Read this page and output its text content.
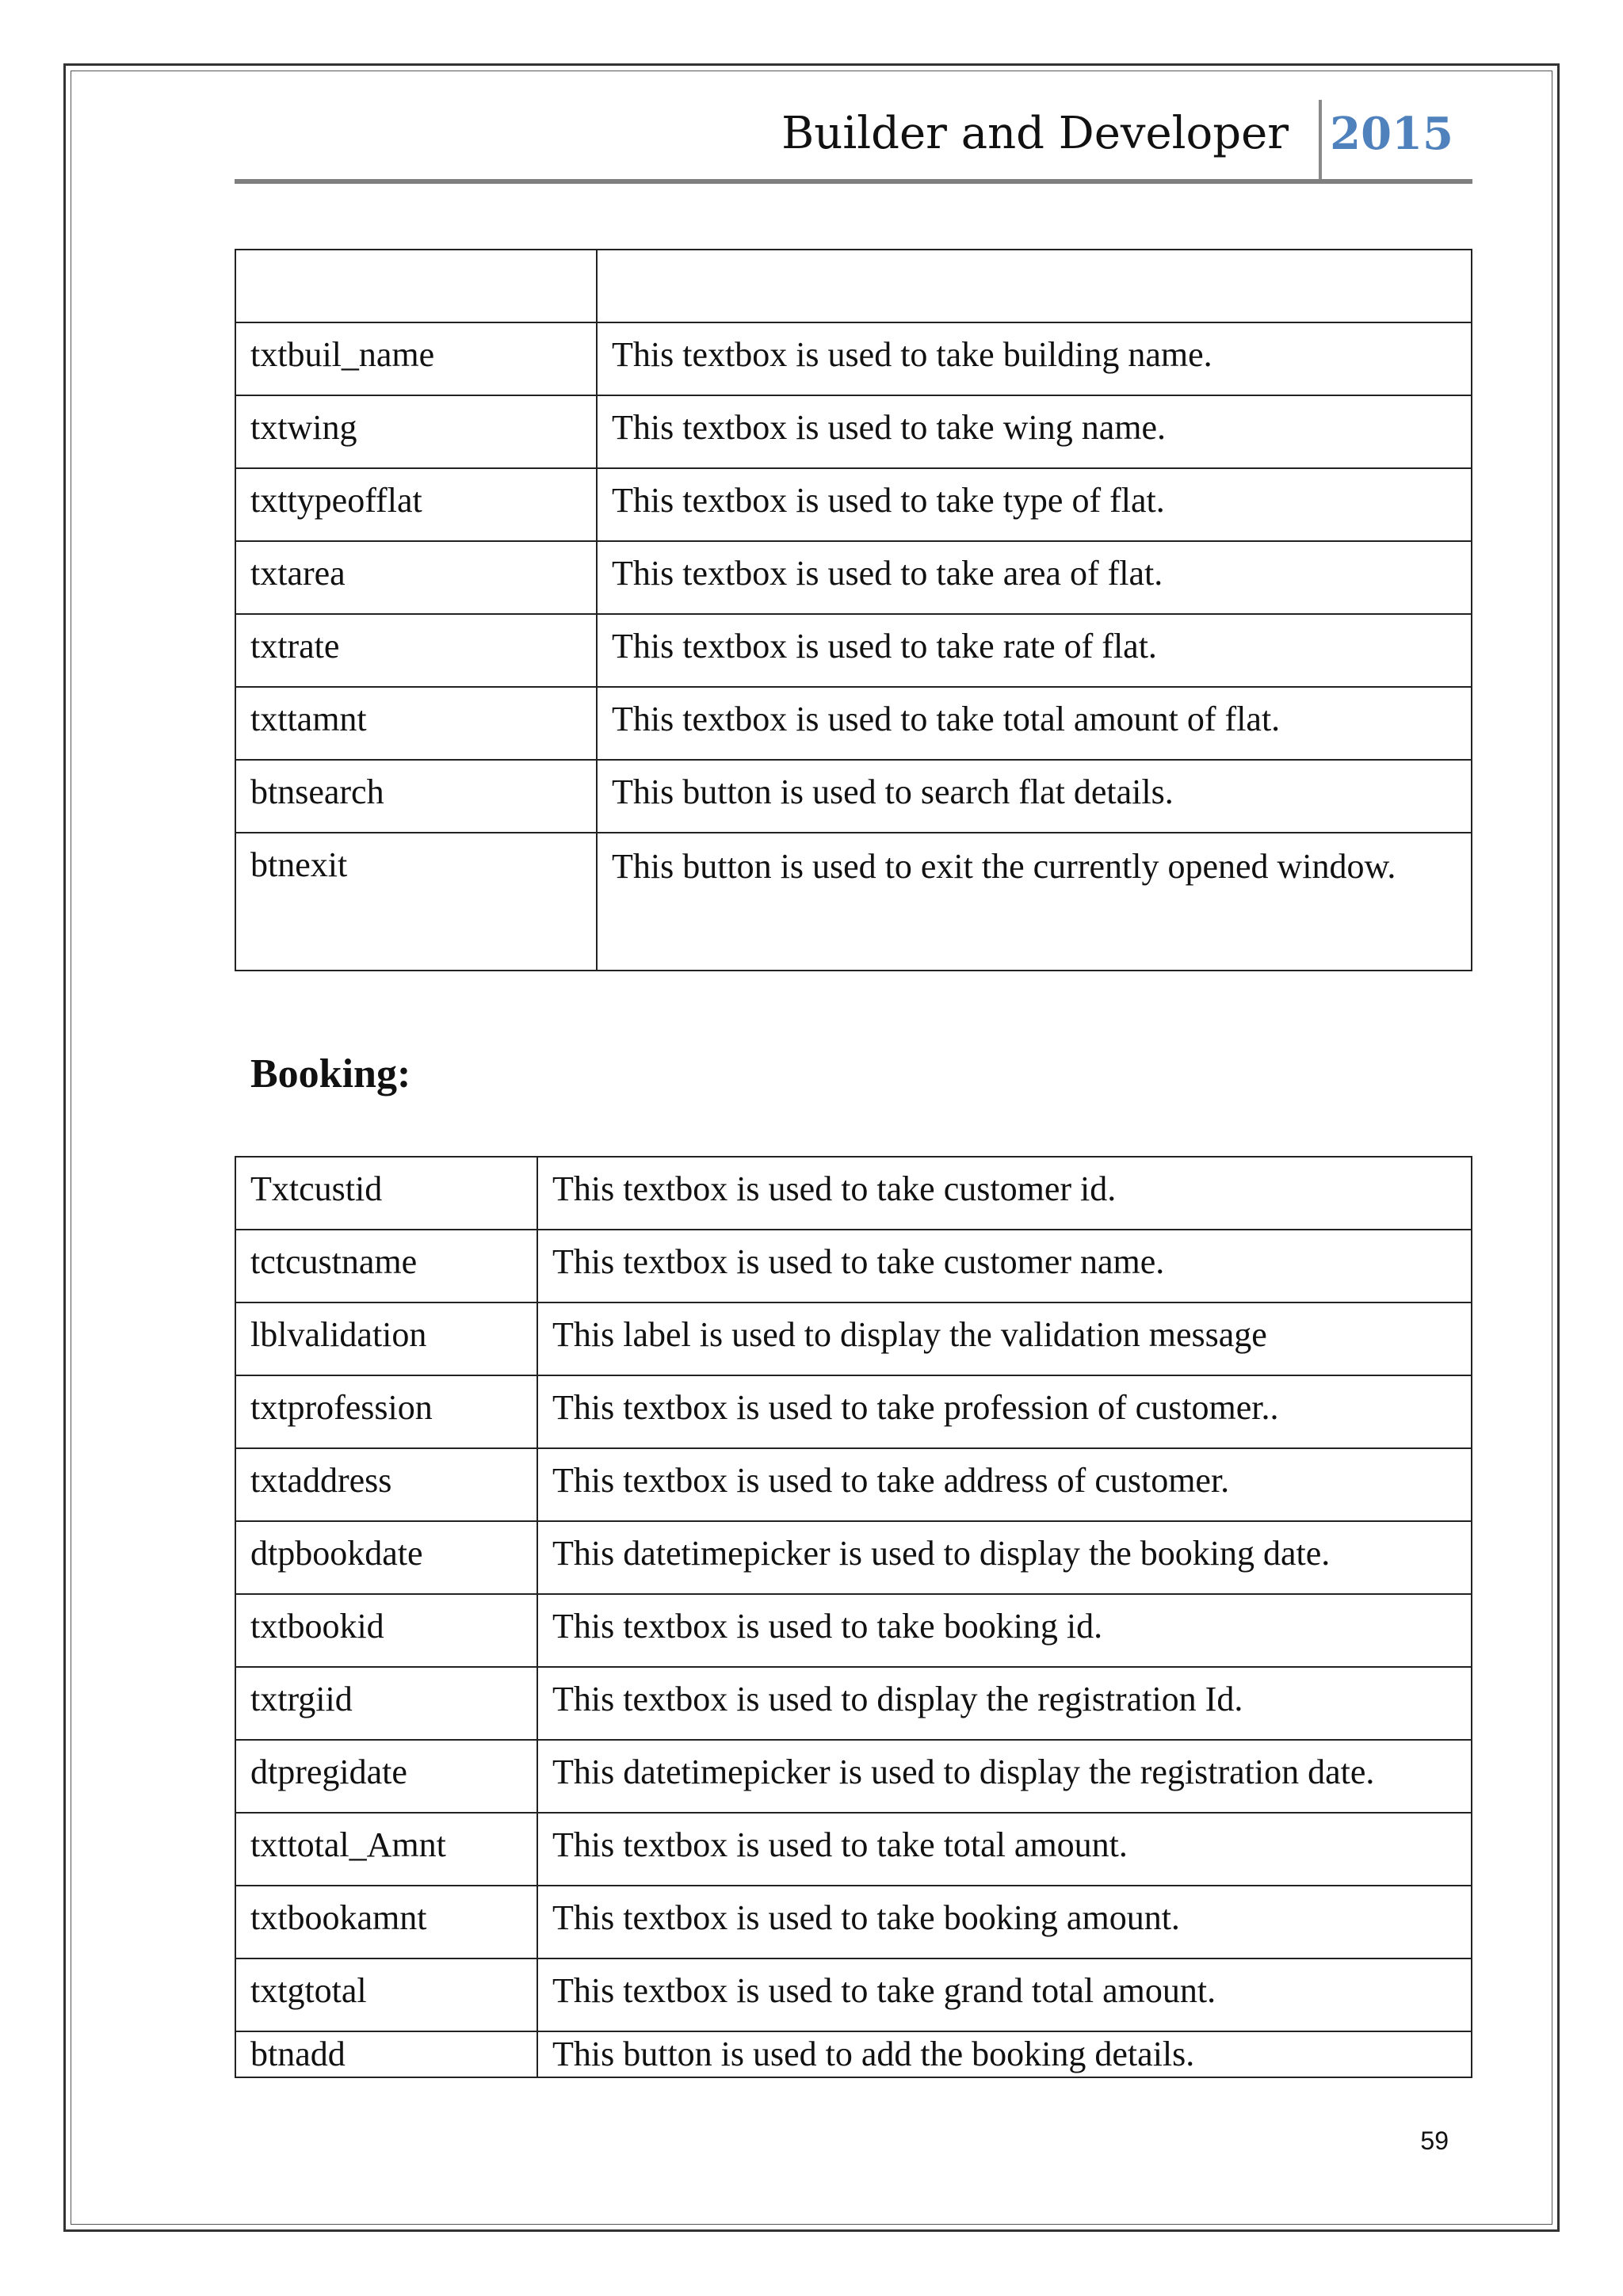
Builder and Developer 2015

txtbuil_name	This textbox is used to take building name.
txtwing	This textbox is used to take wing name.
txttypeofflat	This textbox is used to take type of flat.
txtarea	This textbox is used to take area of flat.
txtrate	This textbox is used to take rate of flat.
txttamnt	This textbox is used to take total amount of flat.
btnsearch	This button is used to search flat details.
btnexit	This button is used to exit the currently opened window.
Booking:
Txtcustid	This textbox is used to take customer id.
tctcustname	This textbox is used to take customer name.
lblvalidation	This label is used to display the validation message
txtprofession	This textbox is used to take profession of customer..
txtaddress	This textbox is used to take address of customer.
dtpbookdate	This datetimepicker is used to display the booking date.
txtbookid	This textbox is used to take booking id.
txtrgiid	This textbox is used to display the registration Id.
dtpregidate	This datetimepicker is used to display the registration date.
txttotal_Amnt	This textbox is used to take total amount.
txtbookamnt	This textbox is used to take booking amount.
txtgtotal	This textbox is used to take grand total amount.
btnadd	This button is used to add the booking details.
59
